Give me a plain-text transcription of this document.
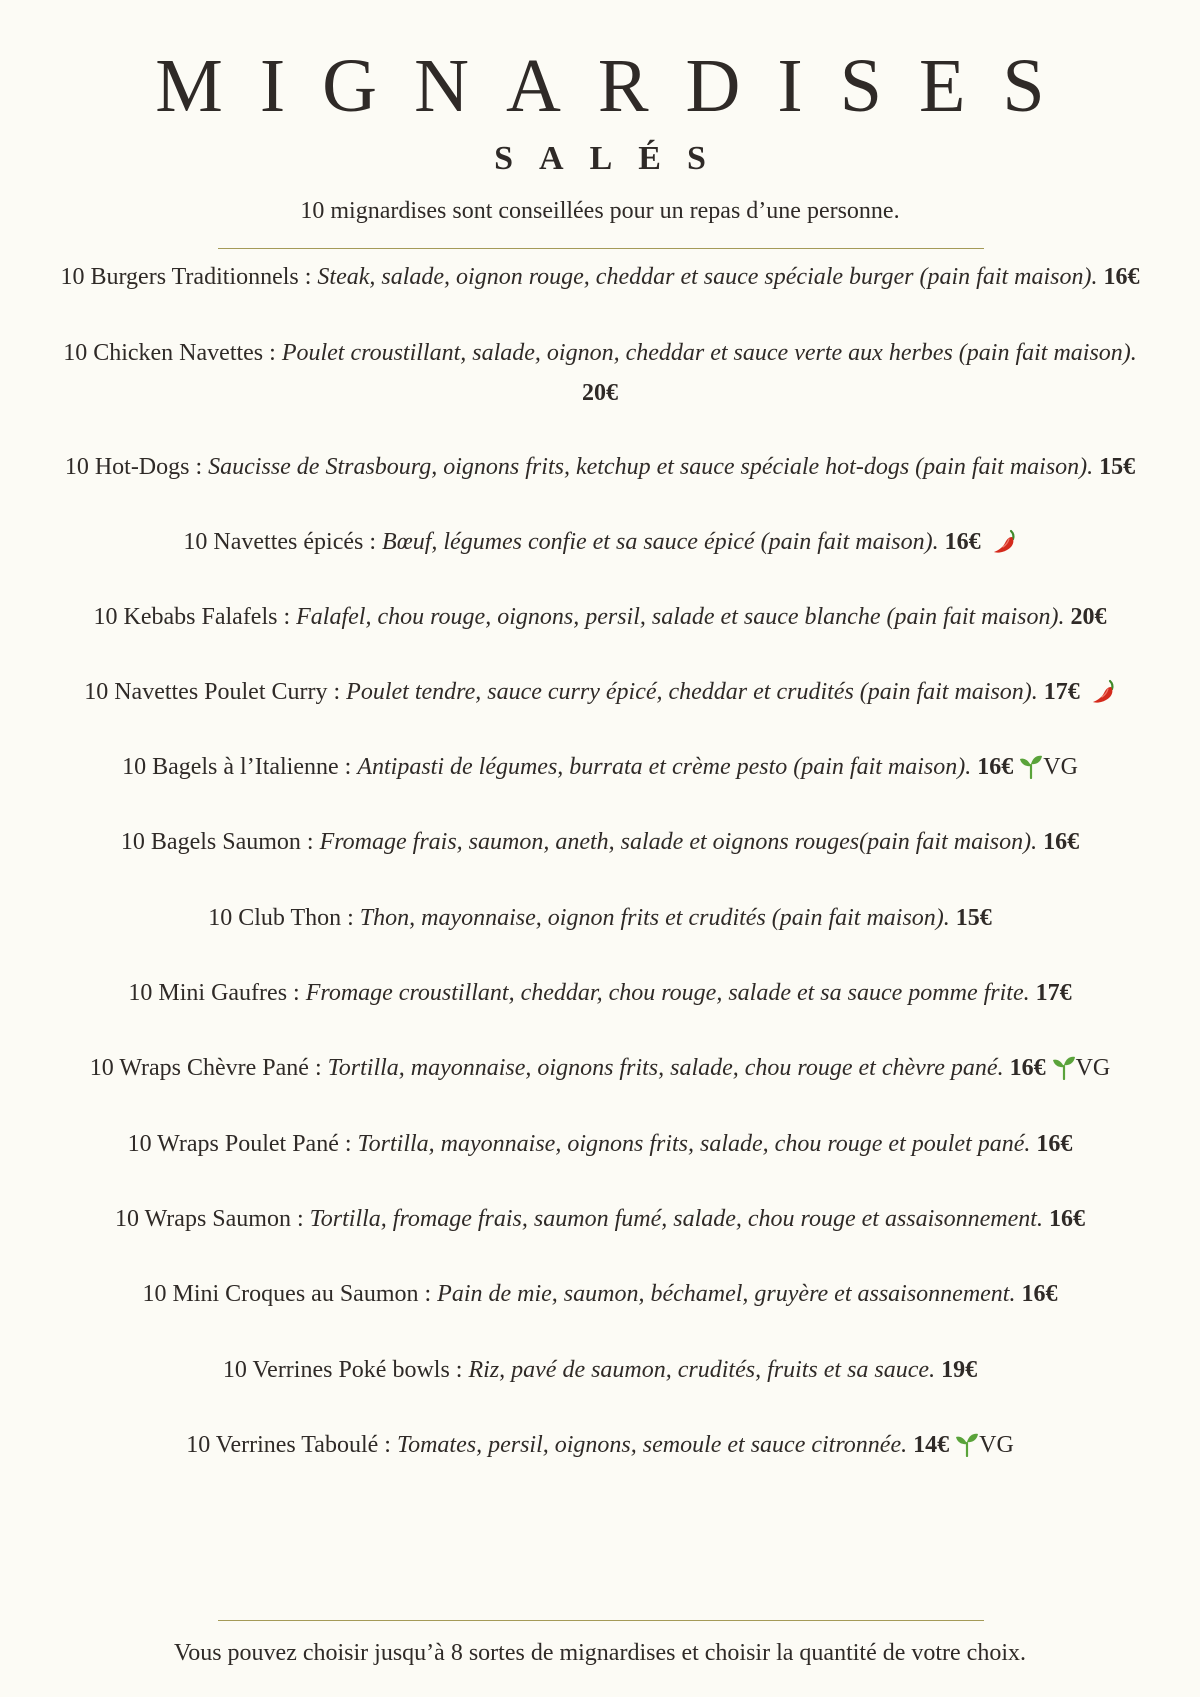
MIGNARDISES
SALÉS
10 mignardises sont conseillées pour un repas d’une personne.
10 Burgers Traditionnels : Steak, salade, oignon rouge, cheddar et sauce spéciale burger (pain fait maison). 16€
10 Chicken Navettes : Poulet croustillant, salade, oignon, cheddar et sauce verte aux herbes (pain fait maison).
20€
10 Hot-Dogs : Saucisse de Strasbourg, oignons frits, ketchup et sauce spéciale hot-dogs (pain fait maison). 15€
10 Navettes épicés : Bœuf, légumes confie et sa sauce épicé (pain fait maison). 16€
10 Kebabs Falafels : Falafel, chou rouge, oignons, persil, salade et sauce blanche (pain fait maison). 20€
10 Navettes Poulet Curry : Poulet tendre, sauce curry épicé, cheddar et crudités (pain fait maison). 17€
10 Bagels à l’Italienne : Antipasti de légumes, burrata et crème pesto (pain fait maison). 16€ VG
10 Bagels Saumon : Fromage frais, saumon, aneth, salade et oignons rouges(pain fait maison). 16€
10 Club Thon : Thon, mayonnaise, oignon frits et crudités (pain fait maison). 15€
10 Mini Gaufres : Fromage croustillant, cheddar, chou rouge, salade et sa sauce pomme frite. 17€
10 Wraps Chèvre Pané : Tortilla, mayonnaise, oignons frits, salade, chou rouge et chèvre pané. 16€ VG
10 Wraps Poulet Pané : Tortilla, mayonnaise, oignons frits, salade, chou rouge et poulet pané. 16€
10 Wraps Saumon : Tortilla, fromage frais, saumon fumé, salade, chou rouge et assaisonnement. 16€
10 Mini Croques au Saumon : Pain de mie, saumon, béchamel, gruyère et assaisonnement. 16€
10 Verrines Poké bowls : Riz, pavé de saumon, crudités, fruits et sa sauce. 19€
10 Verrines Taboulé : Tomates, persil, oignons, semoule et sauce citronnée. 14€ VG
Vous pouvez choisir jusqu’à 8 sortes de mignardises et choisir la quantité de votre choix.
